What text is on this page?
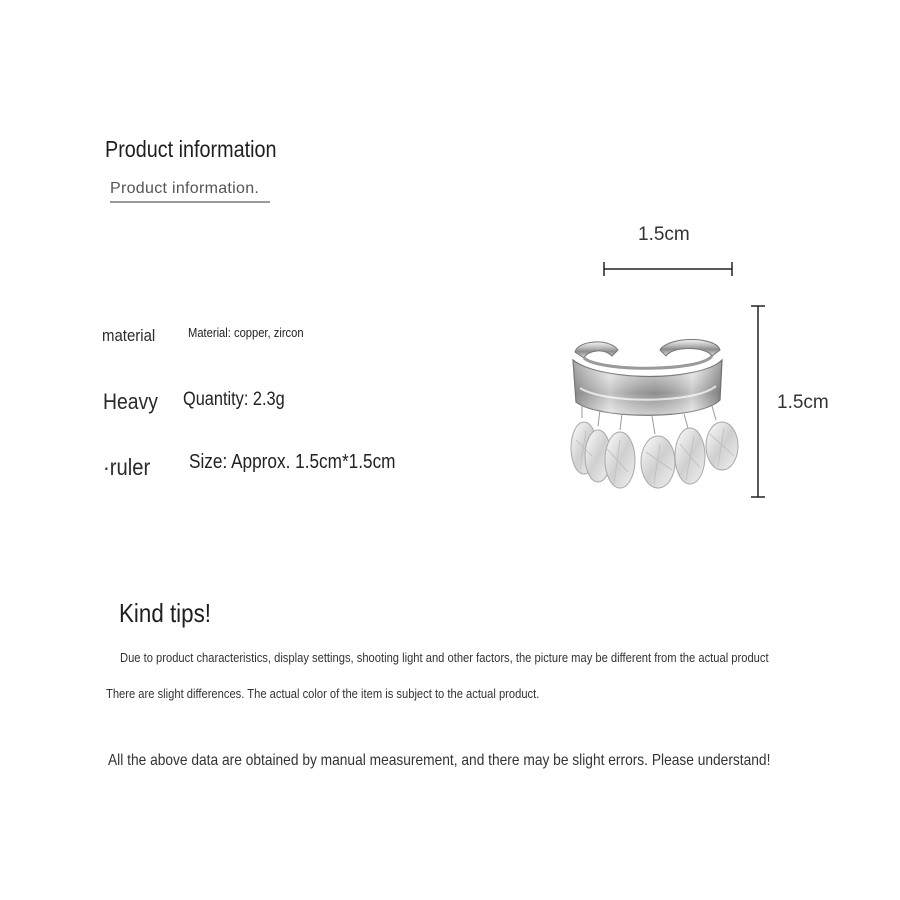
Product information
Product information.
material	Material: copper, zircon
Heavy Quantity: 2.3g
·ruler Size: Approx. 1.5cm*1.5cm
1.5cm
1.5cm
Kind tips!
Due to product characteristics, display settings, shooting light and other factors, the picture may be different from the actual product
There are slight differences. The actual color of the item is subject to the actual product.
All the above data are obtained by manual measurement, and there may be slight errors. Please understand!
